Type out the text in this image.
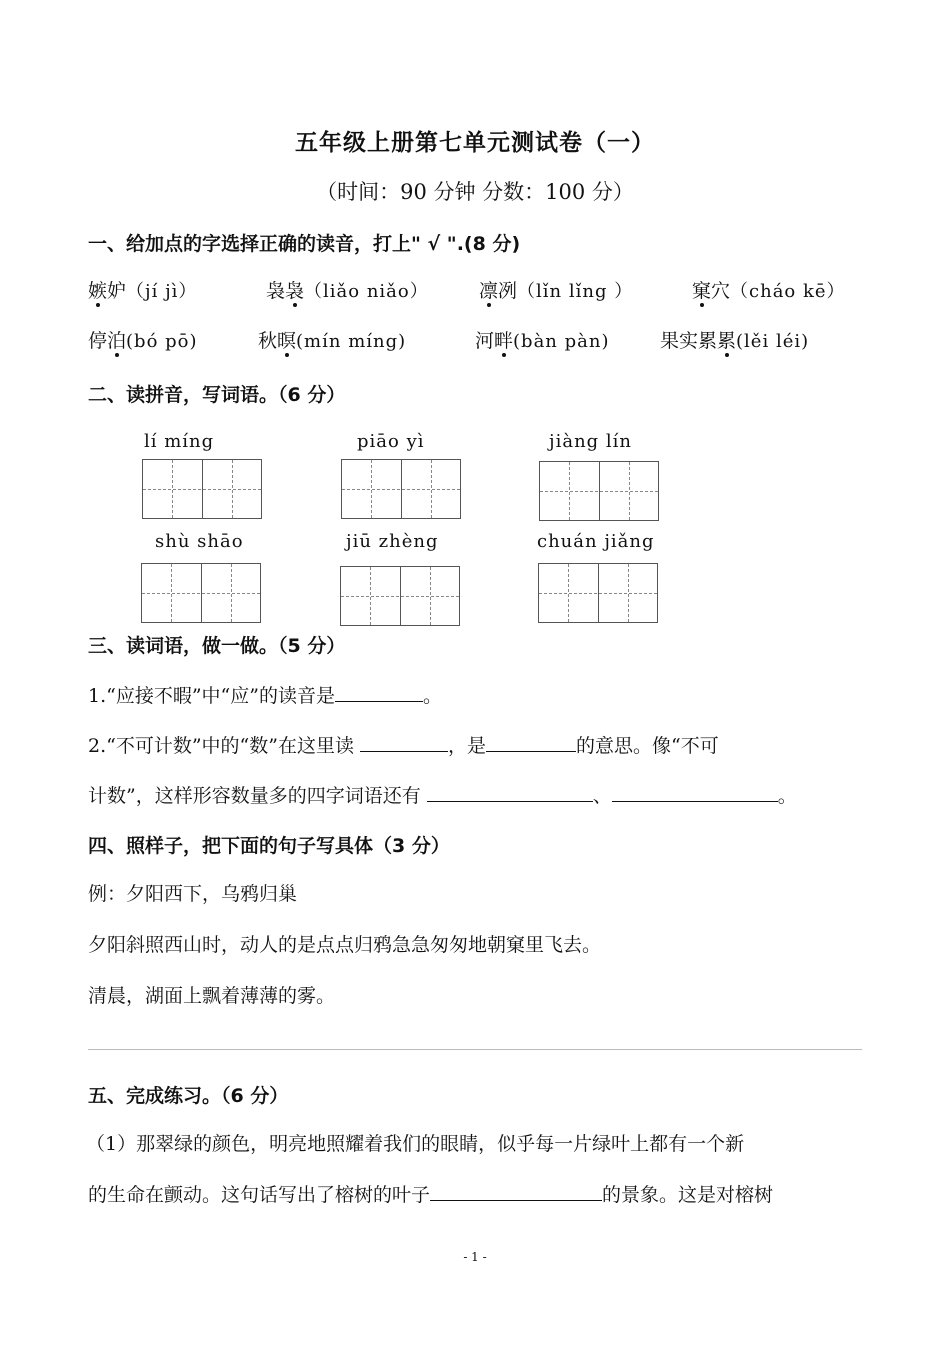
五年级上册第七单元测试卷（一）
（时间：90 分钟 分数：100 分）
一、给加点的字选择正确的读音，打上" √ ".(8 分)
嫉妒（jí jì）	袅袅（liǎo niǎo）	凛冽（lǐn lǐng ）	窠穴（cháo kē）
停泊(bó pō)	秋暝(mín míng)	河畔(bàn pàn)	果实累累(lěi léi)
二、读拼音，写词语。（6 分）
lí míng	piāo yì	jiàng lín
shù shāo	jiū zhèng	chuán jiǎng
三、读词语，做一做。（5 分）
1.“应接不暇”中“应”的读音是	。
2.“不可计数”中的“数”在这里读	，是	的意思。像“不可
计数”，这样形容数量多的四字词语还有	、	。
四、照样子，把下面的句子写具体（3 分）
例：夕阳西下，乌鸦归巢
夕阳斜照西山时，动人的是点点归鸦急急匆匆地朝窠里飞去。
清晨，湖面上飘着薄薄的雾。
五、完成练习。（6 分）
（1）那翠绿的颜色，明亮地照耀着我们的眼睛，似乎每一片绿叶上都有一个新
的生命在颤动。这句话写出了榕树的叶子	的景象。这是对榕树
- 1 -
